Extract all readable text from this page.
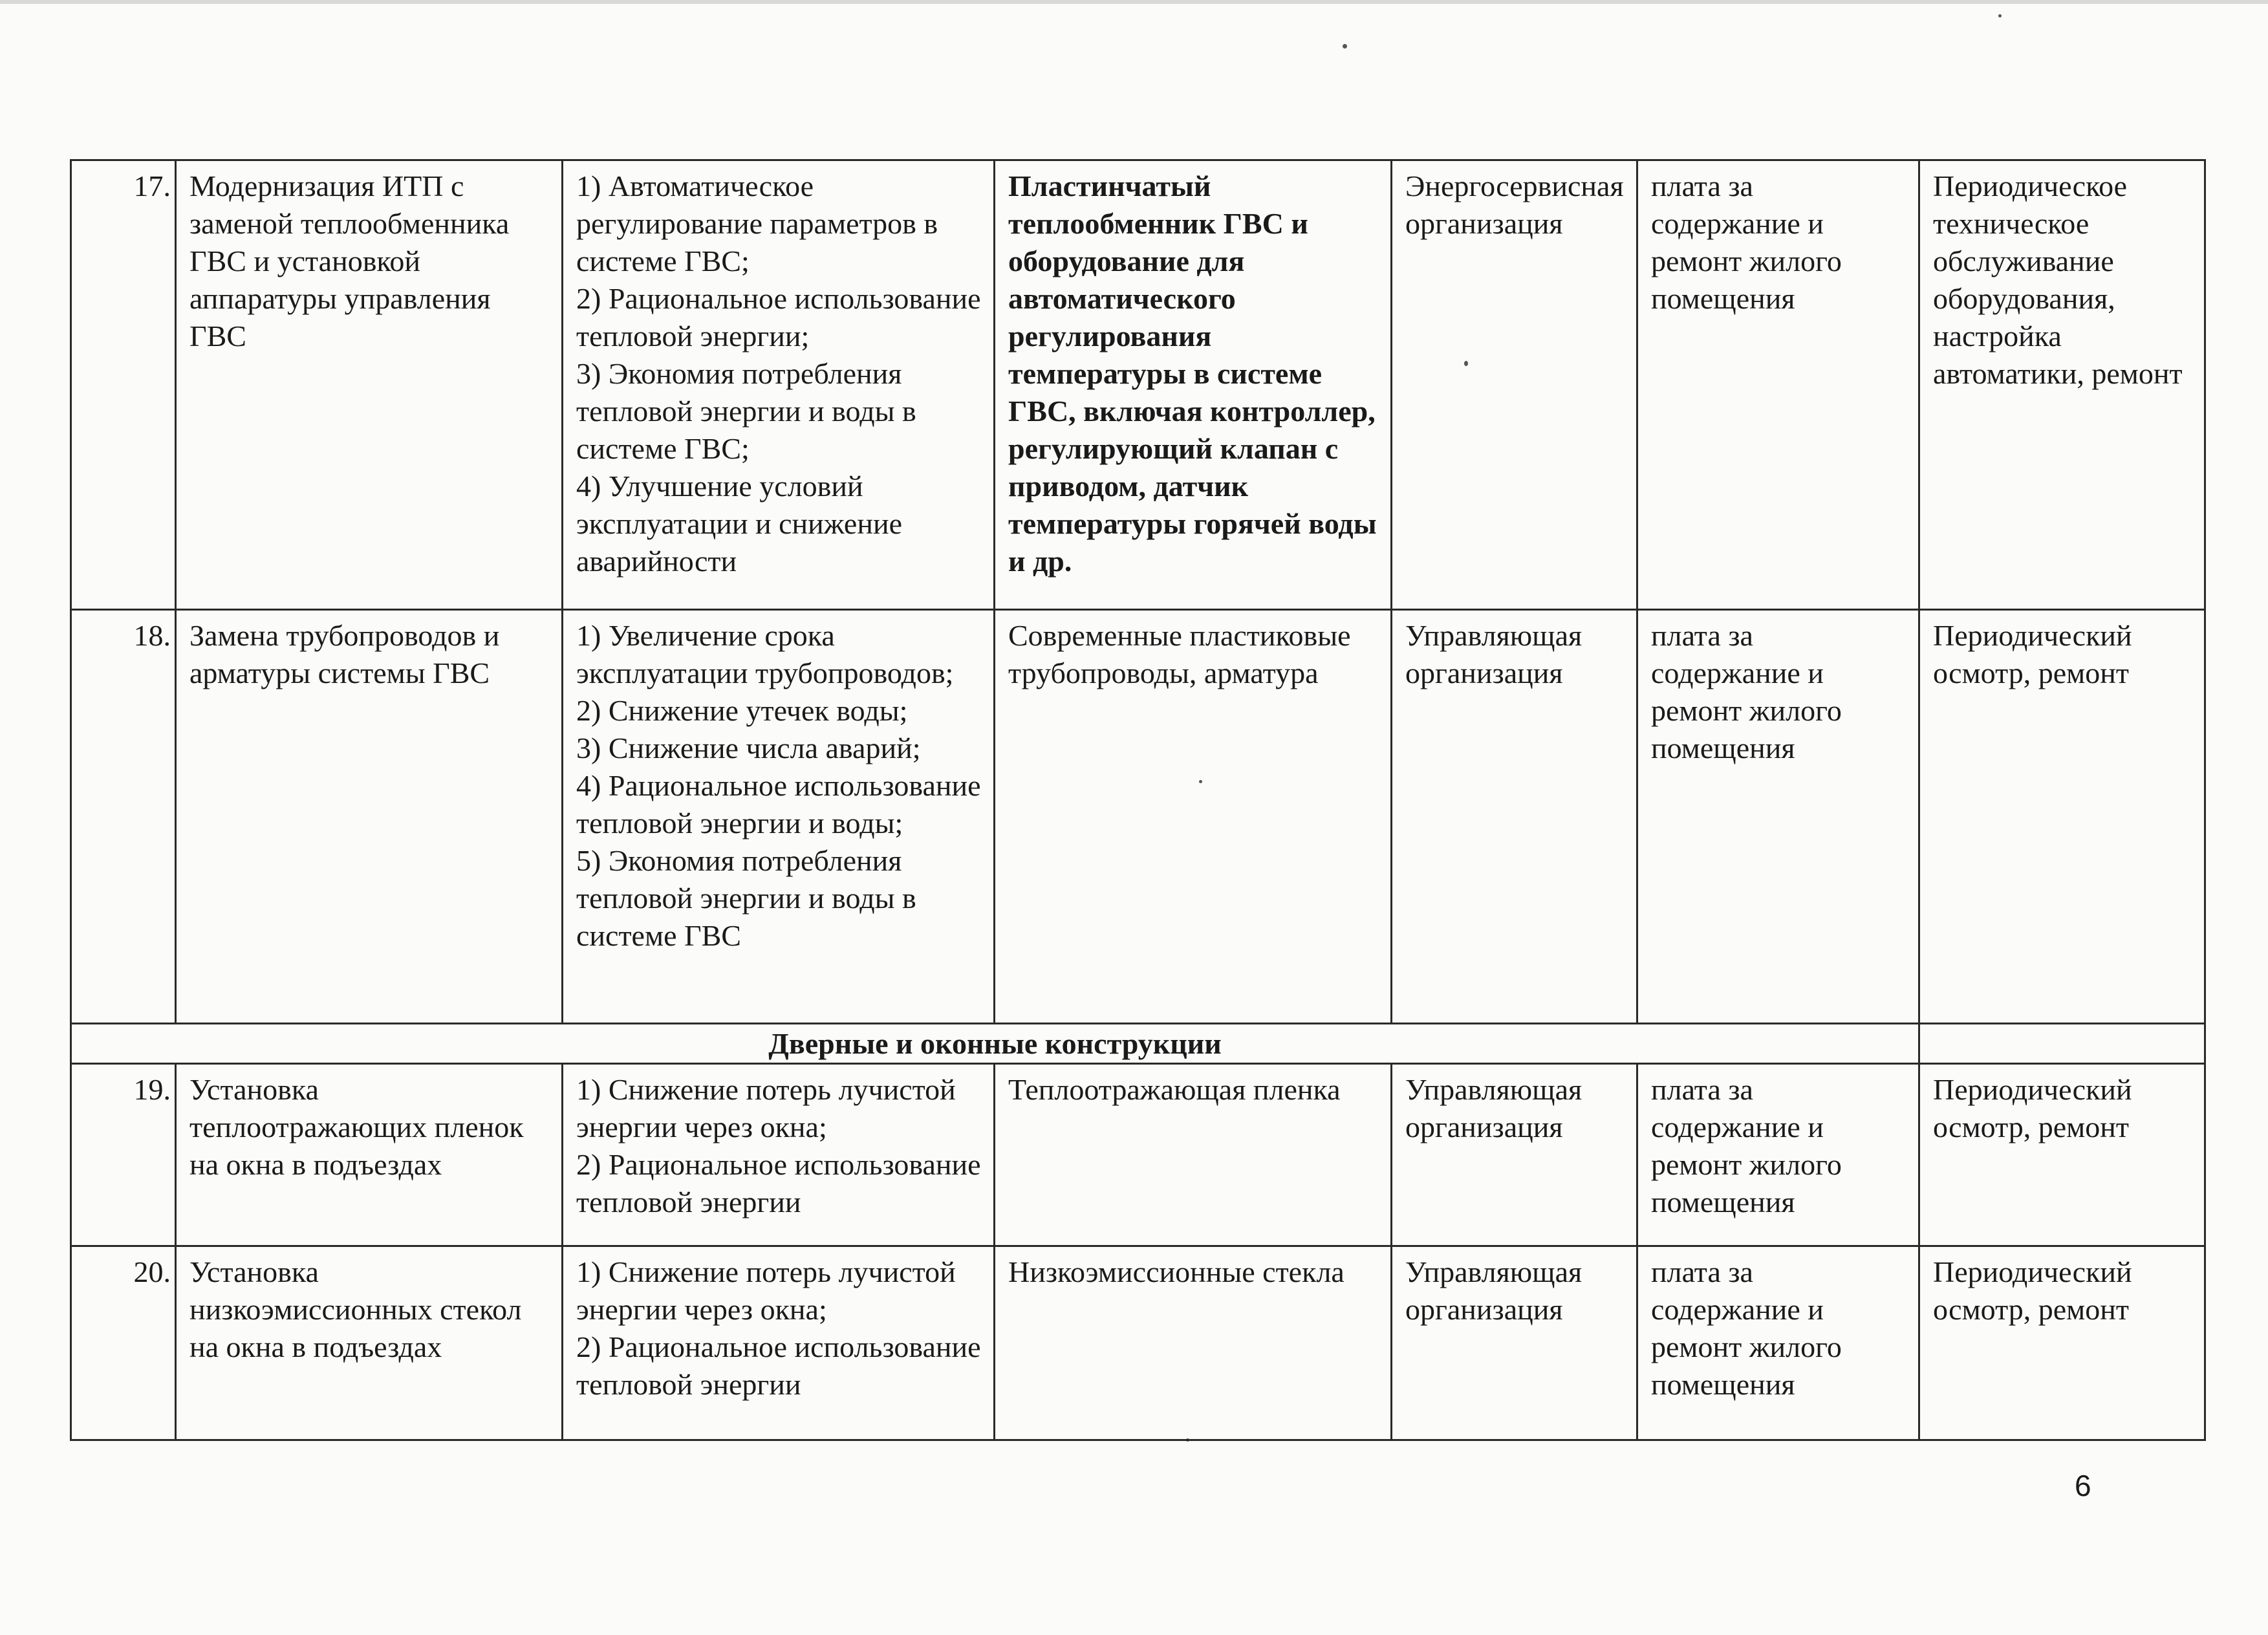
17.	Модернизация ИТП с заменой теплообменника ГВС и установкой аппаратуры управления ГВС	1) Автоматическое регулирование параметров в системе ГВС;
2) Рациональное использование тепловой энергии;
3) Экономия потребления тепловой энергии и воды в системе ГВС;
4) Улучшение условий эксплуатации и снижение аварийности	Пластинчатый теплообменник ГВС и оборудование для автоматического регулирования температуры в системе ГВС, включая контроллер, регулирующий клапан с приводом, датчик температуры горячей воды и др.	Энергосервисная организация	плата за содержание и ремонт жилого помещения	Периодическое техническое обслуживание оборудования, настройка автоматики, ремонт
18.	Замена трубопроводов и арматуры системы ГВС	1) Увеличение срока эксплуатации трубопроводов;
2) Снижение утечек воды;
3) Снижение числа аварий;
4) Рациональное использование тепловой энергии и воды;
5) Экономия потребления тепловой энергии и воды в системе ГВС	Современные пластиковые трубопроводы, арматура	Управляющая организация	плата за содержание и ремонт жилого помещения	Периодический осмотр, ремонт
Дверные и оконные конструкции						
19.	Установка теплоотражающих пленок на окна в подъездах	1) Снижение потерь лучистой энергии через окна;
2) Рациональное использование тепловой энергии	Теплоотражающая пленка	Управляющая организация	плата за содержание и ремонт жилого помещения	Периодический осмотр, ремонт
20.	Установка низкоэмиссионных стекол на окна в подъездах	1) Снижение потерь лучистой энергии через окна;
2) Рациональное использование тепловой энергии	Низкоэмиссионные стекла	Управляющая организация	плата за содержание и ремонт жилого помещения	Периодический осмотр, ремонт
6
